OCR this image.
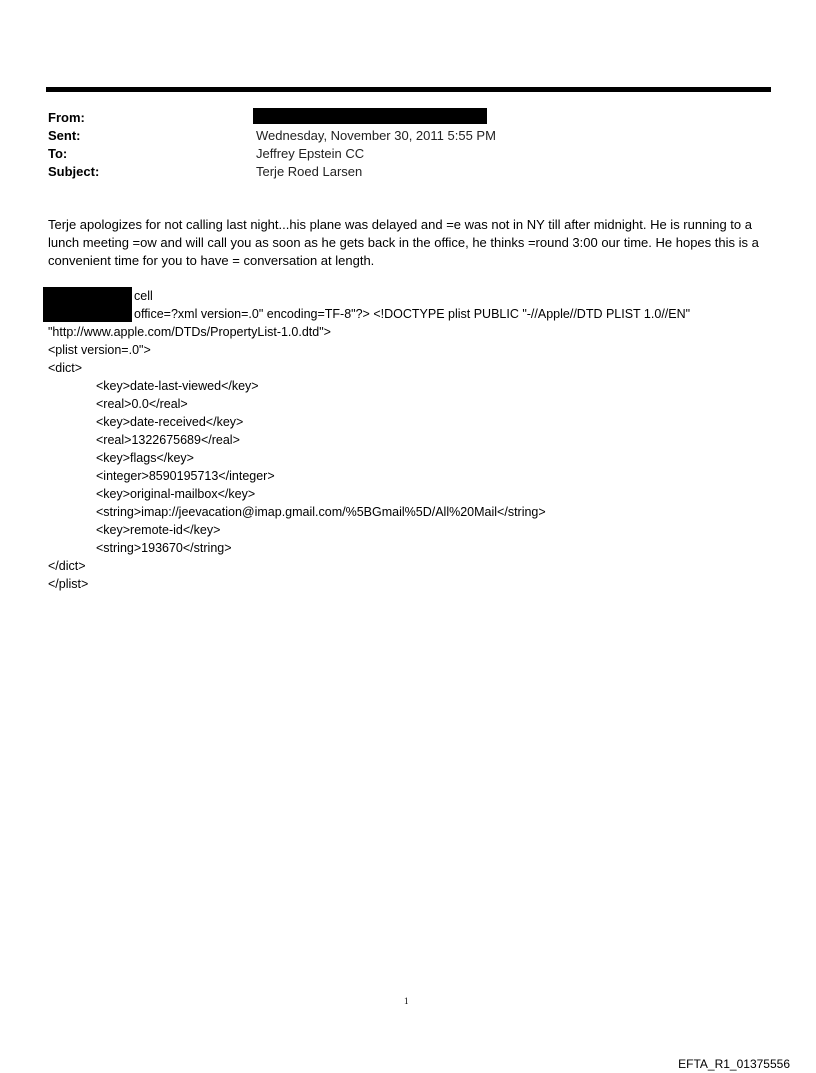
From:
Sent:	Wednesday, November 30, 2011 5:55 PM
To:	Jeffrey Epstein CC
Subject:	Terje Roed Larsen
Terje apologizes for not calling last night...his plane was delayed and =e was not in NY till after midnight. He is running to a lunch meeting =ow and will call you as soon as he gets back in the office, he thinks =round 3:00 our time. He hopes this is a convenient time for you to have = conversation at length.
cell
office=?xml version=.0" encoding=TF-8"?> <!DOCTYPE plist PUBLIC "-//Apple//DTD PLIST 1.0//EN"
"http://www.apple.com/DTDs/PropertyList-1.0.dtd">
<plist version=.0">
<dict>
<key>date-last-viewed</key>
<real>0.0</real>
<key>date-received</key>
<real>1322675689</real>
<key>flags</key>
<integer>8590195713</integer>
<key>original-mailbox</key>
<string>imap://jeevacation@imap.gmail.com/%5BGmail%5D/All%20Mail</string>
<key>remote-id</key>
<string>193670</string>
</dict>
</plist>
1
EFTA_R1_01375556
